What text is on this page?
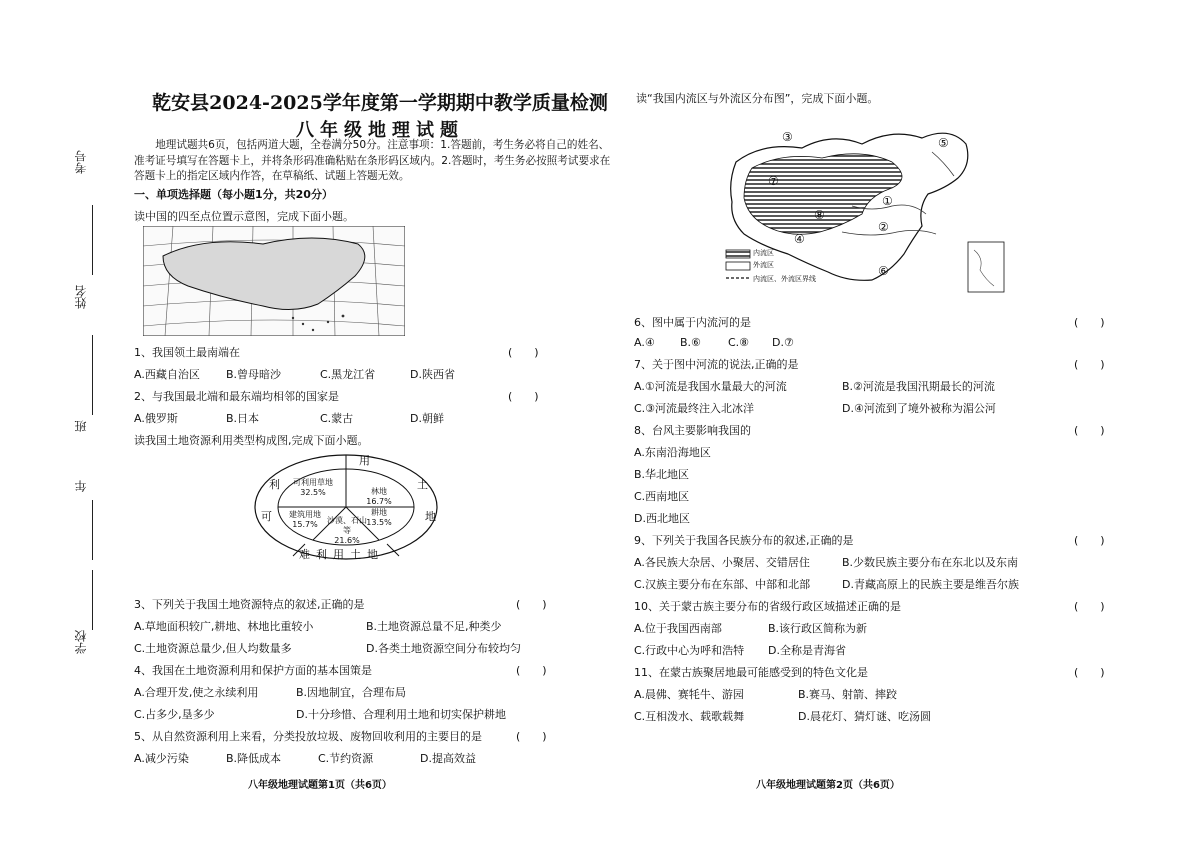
考号
姓名
班
年
学校
乾安县2024-2025学年度第一学期期中教学质量检测
八年级地理试题
地理试题共6页，包括两道大题，全卷满分50分。注意事项：1.答题前，考生务必将自己的姓名、准考证号填写在答题卡上，并将条形码准确粘贴在条形码区域内。2.答题时，考生务必按照考试要求在答题卡上的指定区域内作答，在草稿纸、试题上答题无效。
一、单项选择题（每小题1分，共20分）
读中国的四至点位置示意图，完成下面小题。
1、我国领土最南端在	(　　)
A.西藏自治区 B.曾母暗沙	C.黑龙江省	D.陕西省
2、与我国最北端和最东端均相邻的国家是	(　　)
A.俄罗斯	B.日本	C.蒙古	D.朝鲜
读我国土地资源利用类型构成图,完成下面小题。
用
利
可
土
地
难利用土地
可利用草地
32.5%	林地
16.7%
耕地
13.5%
建筑用地
15.7%	沙漠、石山等
21.6%
3、下列关于我国土地资源特点的叙述,正确的是	(　　)
A.草地面积较广,耕地、林地比重较小	B.土地资源总量不足,种类少
C.土地资源总量少,但人均数量多	D.各类土地资源空间分布较均匀
4、我国在土地资源利用和保护方面的基本国策是	(　　)
A.合理开发,使之永续利用	B.因地制宜，合理布局
C.占多少,垦多少	D.十分珍惜、合理利用土地和切实保护耕地
5、从自然资源利用上来看，分类投放垃圾、废物回收利用的主要目的是	(　　)
A.减少污染	B.降低成本	C.节约资源	D.提高效益
八年级地理试题第1页（共6页）
读“我国内流区与外流区分布图”，完成下面小题。
③	⑤
⑦
①
⑧
②
④
⑥
内流区
外流区
内流区、外流区界线
6、图中属于内流河的是	(　　)
A.④ B.⑥ C.⑧ D.⑦
7、关于图中河流的说法,正确的是	(　　)
A.①河流是我国水量最大的河流	B.②河流是我国汛期最长的河流
C.③河流最终注入北冰洋	D.④河流到了境外被称为湄公河
8、台风主要影响我国的	(　　)
A.东南沿海地区
B.华北地区
C.西南地区
D.西北地区
9、下列关于我国各民族分布的叙述,正确的是	(　　)
A.各民族大杂居、小聚居、交错居住	B.少数民族主要分布在东北以及东南
C.汉族主要分布在东部、中部和北部	D.青藏高原上的民族主要是维吾尔族
10、关于蒙古族主要分布的省级行政区域描述正确的是	(　　)
A.位于我国西南部	B.该行政区简称为新
C.行政中心为呼和浩特 D.全称是青海省
11、在蒙古族聚居地最可能感受到的特色文化是	(　　)
A.晨佛、赛牦牛、游园	B.赛马、射箭、摔跤
C.互相泼水、载歌载舞	D.晨花灯、猜灯谜、吃汤圆
八年级地理试题第2页（共6页）
